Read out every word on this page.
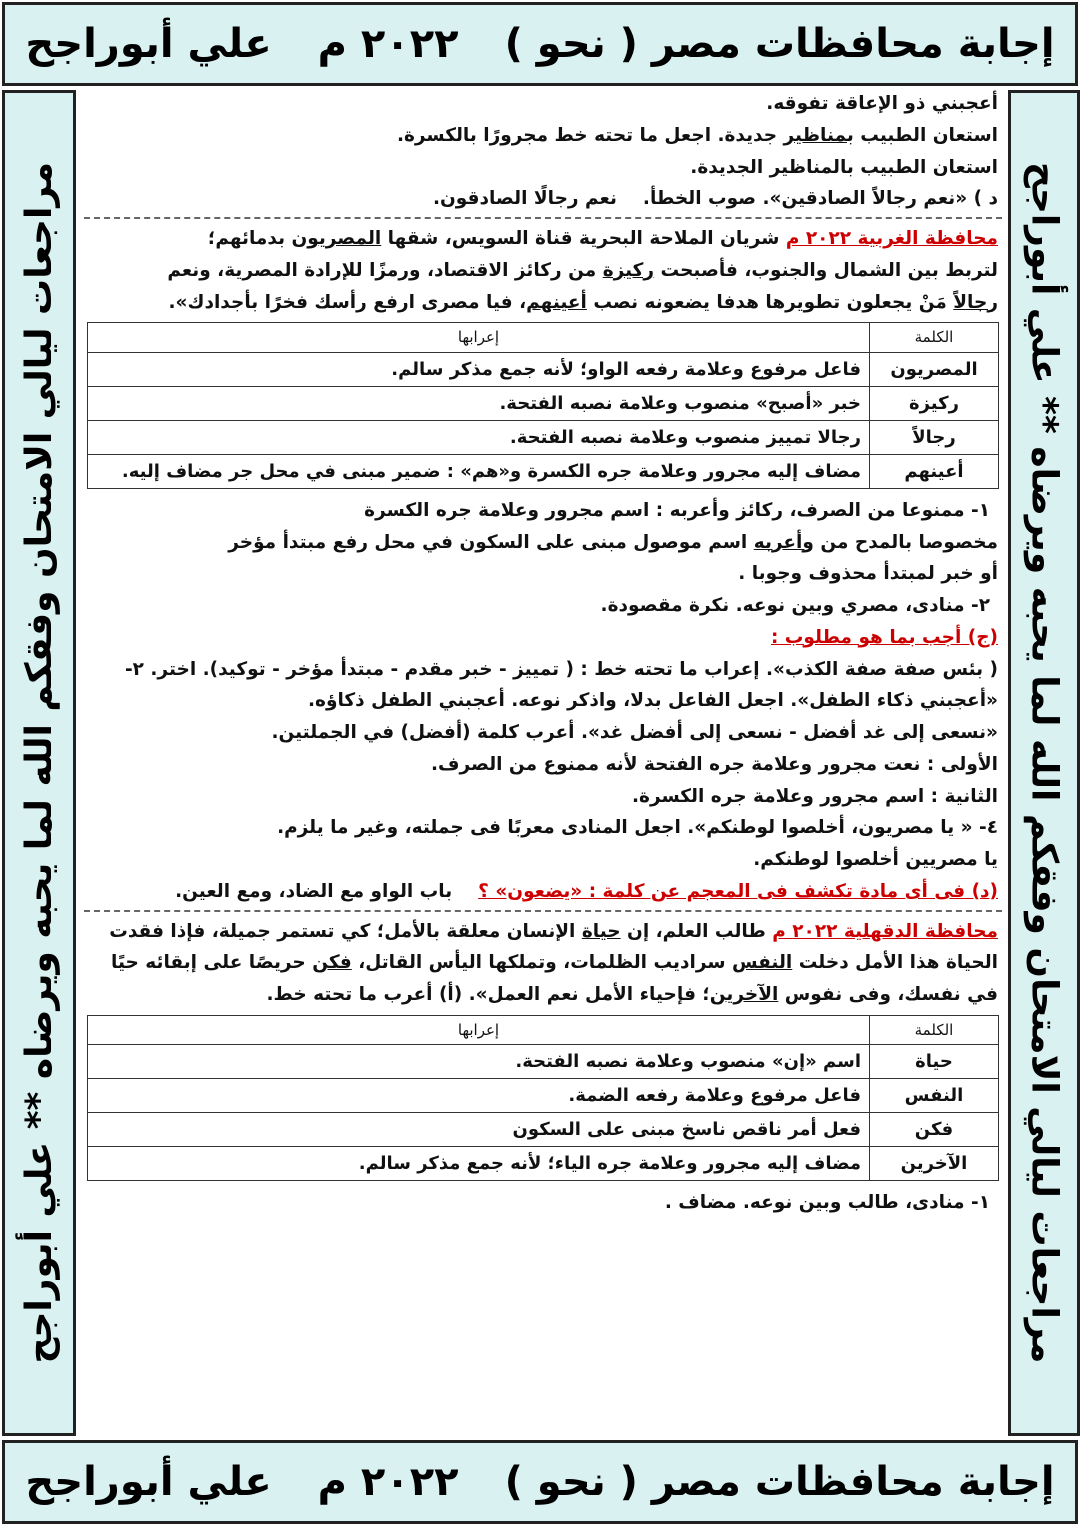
إجابة محافظات مصر ( نحو )
٢٠٢٢ م
علي أبوراجح
مراجعات ليالي الامتحان وفقكم الله لما يحبه ويرضاه ** علي أبوراجح
مراجعات ليالي الامتحان وفقكم الله لما يحبه ويرضاه ** علي أبوراجح
أعجبني ذو الإعاقة تفوقه.
استعان الطبيب بمناظير جديدة. اجعل ما تحته خط مجرورًا بالكسرة.
استعان الطبيب بالمناظير الجديدة.
د ) «نعم رجالاً الصادقين». صوب الخطأ.نعم رجالًا الصادقون.
محافظة الغربية ٢٠٢٢ م شريان الملاحة البحرية قناة السويس، شقها المصريون بدمائهم؛
لتربط بين الشمال والجنوب، فأصبحت ركيزة من ركائز الاقتصاد، ورمزًا للإرادة المصرية، ونعم
رجالاً مَنْ يجعلون تطويرها هدفا يضعونه نصب أعينهم، فيا مصرى ارفع رأسك فخرًا بأجدادك».
الكلمة	إعرابها
المصريون	فاعل مرفوع وعلامة رفعه الواو؛ لأنه جمع مذكر سالم.
ركيزة	خبر «أصبح» منصوب وعلامة نصبه الفتحة.
رجالاً	رجالا تمييز منصوب وعلامة نصبه الفتحة.
أعينهم	مضاف إليه مجرور وعلامة جره الكسرة و«هم» : ضمير مبنى في محل جر مضاف إليه.
١- ممنوعا من الصرف، ركائز وأعربه : اسم مجرور وعلامة جره الكسرة
مخصوصا بالمدح من وأعربه اسم موصول مبنى على السكون في محل رفع مبتدأ مؤخر
أو خبر لمبتدأ محذوف وجوبا .
٢- منادى، مصري وبين نوعه. نكرة مقصودة.
(ج) أجب بما هو مطلوب :
( بئس صفة صفة الكذب». إعراب ما تحته خط : ( تمييز - خبر مقدم - مبتدأ مؤخر - توكيد). اختر. ٢-
«أعجبني ذكاء الطفل». اجعل الفاعل بدلا، واذكر نوعه. أعجبني الطفل ذكاؤه.
«نسعى إلى غد أفضل - نسعى إلى أفضل غد». أعرب كلمة (أفضل) في الجملتين.
الأولى : نعت مجرور وعلامة جره الفتحة لأنه ممنوع من الصرف.
الثانية : اسم مجرور وعلامة جره الكسرة.
٤- « يا مصريون، أخلصوا لوطنكم». اجعل المنادى معربًا فى جملته، وغير ما يلزم.
يا مصريين أخلصوا لوطنكم.
(د) فى أى مادة تكشف فى المعجم عن كلمة : «يضعون» ؟باب الواو مع الضاد، ومع العين.
محافظة الدقهلية ٢٠٢٢ م طالب العلم، إن حياة الإنسان معلقة بالأمل؛ كي تستمر جميلة، فإذا فقدت
الحياة هذا الأمل دخلت النفس سراديب الظلمات، وتملكها اليأس القاتل، فكن حريصًا على إبقائه حيًا
في نفسك، وفى نفوس الآخرين؛ فإحياء الأمل نعم العمل». (أ) أعرب ما تحته خط.
الكلمة	إعرابها
حياة	اسم «إن» منصوب وعلامة نصبه الفتحة.
النفس	فاعل مرفوع وعلامة رفعه الضمة.
فكن	فعل أمر ناقص ناسخ مبنى على السكون
الآخرين	مضاف إليه مجرور وعلامة جره الياء؛ لأنه جمع مذكر سالم.
١- منادى، طالب وبين نوعه. مضاف .
إجابة محافظات مصر ( نحو )
٢٠٢٢ م
علي أبوراجح
